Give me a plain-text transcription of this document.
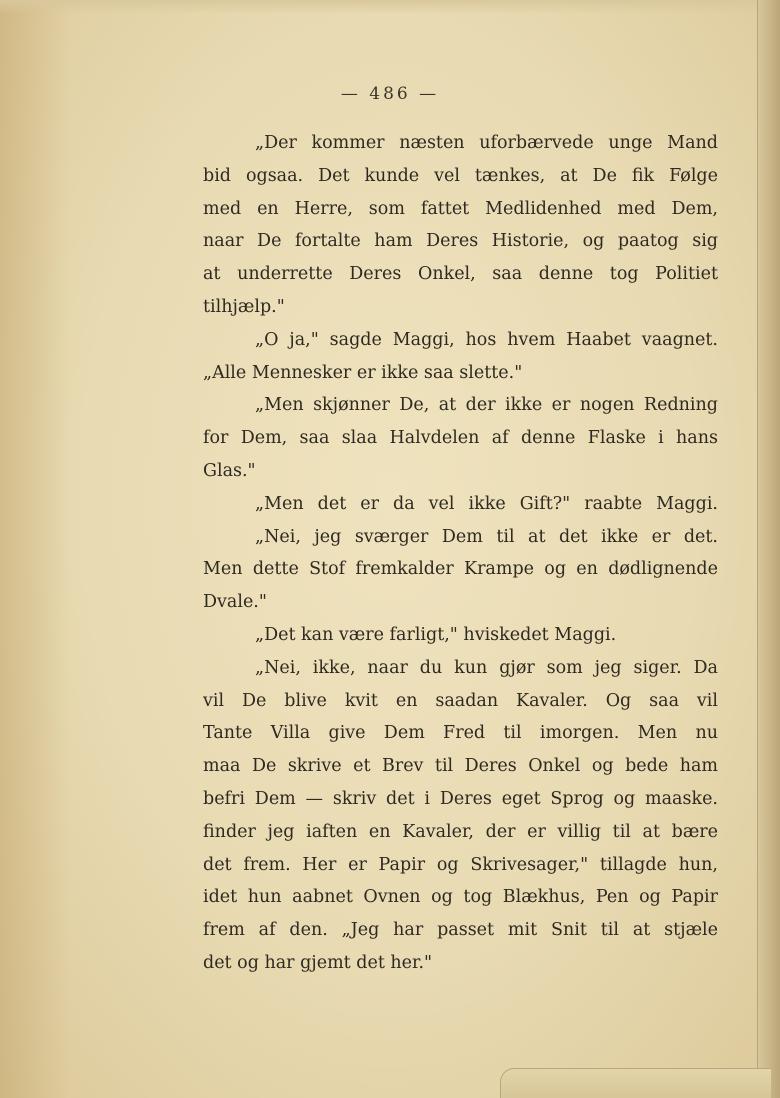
— 486 —
„Der kommer næsten uforbærvede unge Mand
bid ogsaa. Det kunde vel tænkes, at De fik Følge
med en Herre, som fattet Medlidenhed med Dem,
naar De fortalte ham Deres Historie, og paatog sig
at underrette Deres Onkel, saa denne tog Politiet
tilhjælp."
„O ja," sagde Maggi, hos hvem Haabet vaagnet.
„Alle Mennesker er ikke saa slette."
„Men skjønner De, at der ikke er nogen Redning
for Dem, saa slaa Halvdelen af denne Flaske i hans
Glas."
„Men det er da vel ikke Gift?" raabte Maggi.
„Nei, jeg sværger Dem til at det ikke er det.
Men dette Stof fremkalder Krampe og en dødlignende
Dvale."
„Det kan være farligt," hviskedet Maggi.
„Nei, ikke, naar du kun gjør som jeg siger. Da
vil De blive kvit en saadan Kavaler. Og saa vil
Tante Villa give Dem Fred til imorgen. Men nu
maa De skrive et Brev til Deres Onkel og bede ham
befri Dem — skriv det i Deres eget Sprog og maaske.
finder jeg iaften en Kavaler, der er villig til at bære
det frem. Her er Papir og Skrivesager," tillagde hun,
idet hun aabnet Ovnen og tog Blækhus, Pen og Papir
frem af den. „Jeg har passet mit Snit til at stjæle
det og har gjemt det her."
